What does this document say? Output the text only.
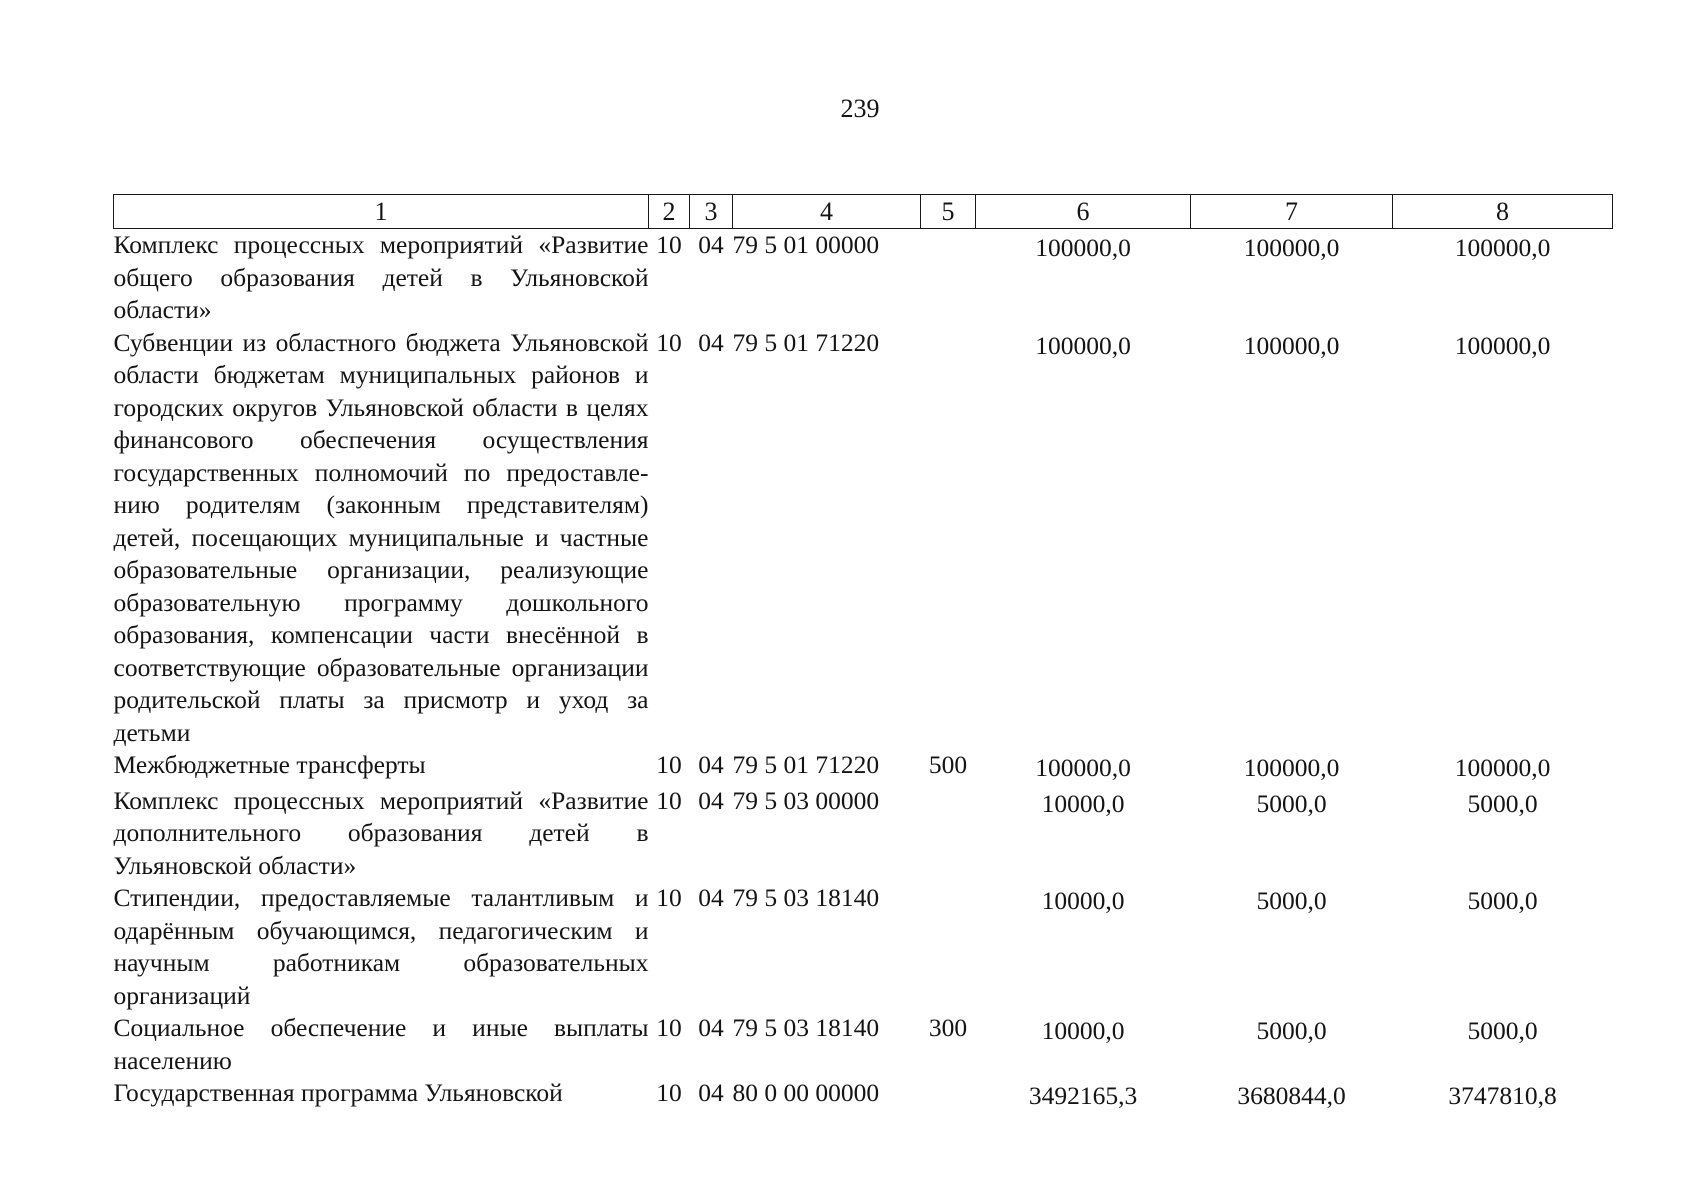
239
1	2	3	4	5	6	7	8
Комплекс процессных мероприятий «Развитие общего образования детей в Ульяновской области»	10	04	79 5 01 00000		100000,0	100000,0	100000,0
Субвенции из областного бюджета Ульяновской области бюджетам муниципальных районов и городских округов Ульяновской области в целях финансового обеспечения осуществления государственных полномочий по предоставлению родителям (законным представителям) детей, посещающих муниципальные и частные образовательные организации, реализующие образовательную программу дошкольного образования, компенсации части внесённой в соответствующие образовательные организации родительской платы за присмотр и уход за детьми	10	04	79 5 01 71220		100000,0	100000,0	100000,0
Межбюджетные трансферты	10	04	79 5 01 71220	500	100000,0	100000,0	100000,0
Комплекс процессных мероприятий «Развитие дополнительного образования детей в Ульяновской области»	10	04	79 5 03 00000		10000,0	5000,0	5000,0
Стипендии, предоставляемые талантливым и одарённым обучающимся, педагогическим и научным работникам образовательных организаций	10	04	79 5 03 18140		10000,0	5000,0	5000,0
Социальное обеспечение и иные выплаты населению	10	04	79 5 03 18140	300	10000,0	5000,0	5000,0
Государственная программа Ульяновской	10	04	80 0 00 00000		3492165,3	3680844,0	3747810,8
